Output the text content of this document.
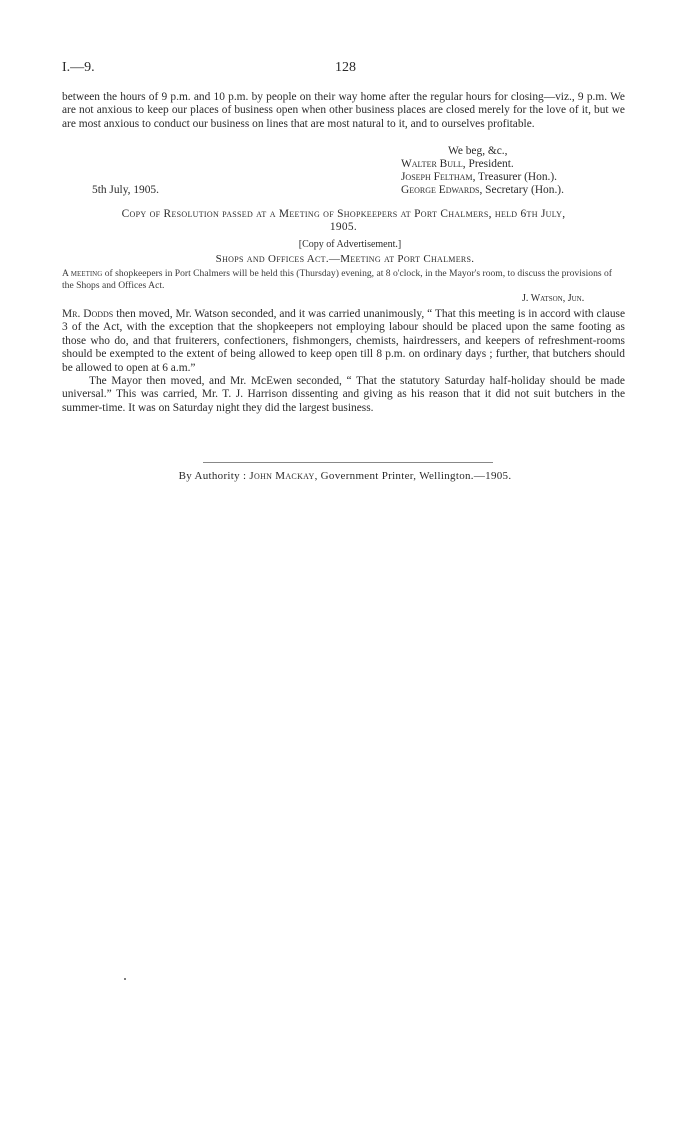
I.—9.	128
between the hours of 9 p.m. and 10 p.m. by people on their way home after the regular hours for closing—viz., 9 p.m. We are not anxious to keep our places of business open when other business places are closed merely for the love of it, but we are most anxious to conduct our business on lines that are most natural to it, and to ourselves profitable.
We beg, &c.,
Walter Bull, President.
Joseph Feltham, Treasurer (Hon.).
George Edwards, Secretary (Hon.).
5th July, 1905.
Copy of Resolution passed at a Meeting of Shopkeepers at Port Chalmers, held 6th July,
1905.
[Copy of Advertisement.]
Shops and Offices Act.—Meeting at Port Chalmers.
A meeting of shopkeepers in Port Chalmers will be held this (Thursday) evening, at 8 o'clock, in the Mayor's room, to discuss the provisions of the Shops and Offices Act.
J. Watson, Jun.
Mr. Dodds then moved, Mr. Watson seconded, and it was carried unanimously, “ That this meeting is in accord with clause 3 of the Act, with the exception that the shopkeepers not employing labour should be placed upon the same footing as those who do, and that fruiterers, confectioners, fishmongers, chemists, hairdressers, and keepers of refreshment-rooms should be exempted to the extent of being allowed to keep open till 8 p.m. on ordinary days ; further, that butchers should be allowed to open at 6 a.m.”
The Mayor then moved, and Mr. McEwen seconded, “ That the statutory Saturday half-holiday should be made universal.” This was carried, Mr. T. J. Harrison dissenting and giving as his reason that it did not suit butchers in the summer-time. It was on Saturday night they did the largest business.
By Authority : John Mackay, Government Printer, Wellington.—1905.
